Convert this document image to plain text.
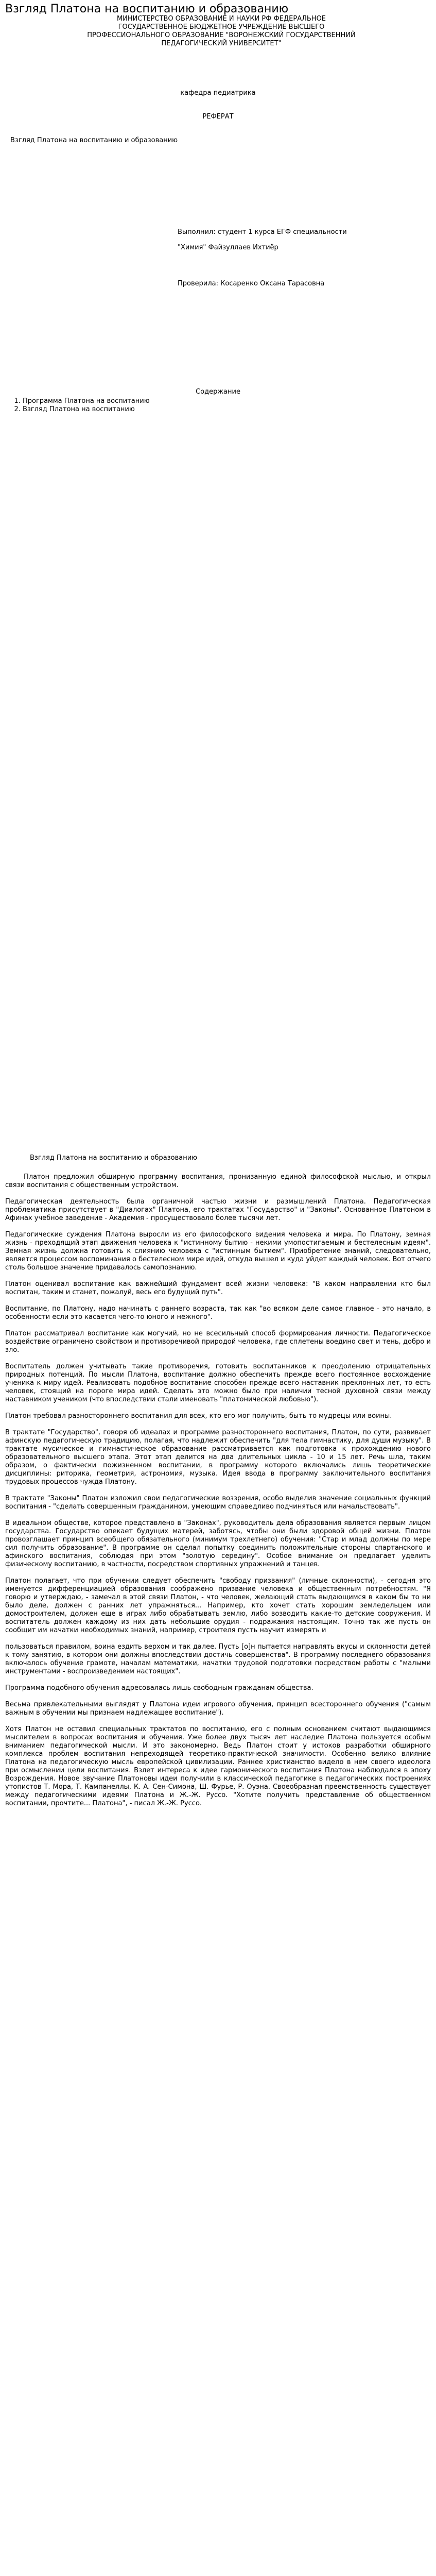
Взгляд Платона на воспитанию и образованию
МИНИСТЕРСТВО ОБРАЗОВАНИЕ И НАУКИ РФ ФЕДЕРАЛЬНОЕ
ГОСУДАРСТВЕННОЕ БЮДЖЕТНОЕ УЧРЕЖДЕНИЕ ВЫСШЕГО
ПРОФЕССИОНАЛЬНОГО ОБРАЗОВАНИЕ "ВОРОНЕЖСКИЙ ГОСУДАРСТВЕННИЙ
ПЕДАГОГИЧЕСКИЙ УНИВЕРСИТЕТ"
кафедра педиатрика
РЕФЕРАТ
Взгляд Платона на воспитанию и образованию
Выполнил: студент 1 курса ЕГФ специальности
"Химия" Файзуллаев Ихтиёр
Проверила: Косаренко Оксана Тарасовна
Содержание
1. Программа Платона на воспитанию
2. Взгляд Платона на воспитанию
Взгляд Платона на воспитанию и образованию

Платон предложил обширную программу воспитания, пронизанную единой философской мыслью, и открыл связи воспитания с общественным устройством.

Педагогическая деятельность была органичной частью жизни и размышлений Платона. Педагогическая проблематика присутствует в "Диалогах" Платона, его трактатах "Государство" и "Законы". Основанное Платоном в Афинах учебное заведение - Академия - просуществовало более тысячи лет.

Педагогические суждения Платона выросли из его философского видения человека и мира. По Платону, земная жизнь - преходящий этап движения человека к "истинному бытию - некими умопостигаемым и бестелесным идеям". Земная жизнь должна готовить к слиянию человека с "истинным бытием". Приобретение знаний, следовательно, является процессом воспоминания о бестелесном мире идей, откуда вышел и куда уйдет каждый человек. Вот отчего столь большое значение придавалось самопознанию.

Платон оценивал воспитание как важнейший фундамент всей жизни человека: "В каком направлении кто был воспитан, таким и станет, пожалуй, весь его будущий путь".

Воспитание, по Платону, надо начинать с раннего возраста, так как "во всяком деле самое главное - это начало, в особенности если это касается чего-то юного и нежного".

Платон рассматривал воспитание как могучий, но не всесильный способ формирования личности. Педагогическое воздействие ограничено свойством и противоречивой природой человека, где сплетены воедино свет и тень, добро и зло.

Воспитатель должен учитывать такие противоречия, готовить воспитанников к преодолению отрицательных природных потенций. По мысли Платона, воспитание должно обеспечить прежде всего постоянное восхождение ученика к миру идей. Реализовать подобное воспитание способен прежде всего наставник преклонных лет, то есть человек, стоящий на пороге мира идей. Сделать это можно было при наличии тесной духовной связи между наставником учеником (что впоследствии стали именовать "платонической любовью").

Платон требовал разностороннего воспитания для всех, кто его мог получить, быть то мудрецы или воины.

В трактате "Государство", говоря об идеалах и программе разностороннего воспитания, Платон, по сути, развивает афинскую педагогическую традицию, полагая, что надлежит обеспечить "для тела гимнастику, для души музыку". В трактате мусическое и гимнастическое образование рассматривается как подготовка к прохождению нового образовательного высшего этапа. Этот этап делится на два длительных цикла - 10 и 15 лет. Речь шла, таким образом, о фактически пожизненном воспитании, в программу которого включались лишь теоретические дисциплины: риторика, геометрия, астрономия, музыка. Идея ввода в программу заключительного воспитания трудовых процессов чужда Платону.

В трактате "Законы" Платон изложил свои педагогические воззрения, особо выделив значение социальных функций воспитания - "сделать совершенным гражданином, умеющим справедливо подчиняться или начальствовать".

В идеальном обществе, которое представлено в "Законах", руководитель дела образования является первым лицом государства. Государство опекает будущих матерей, заботясь, чтобы они были здоровой общей жизни. Платон провозглашает принцип всеобщего обязательного (минимум трехлетнего) обучения: "Стар и млад должны по мере сил получить образование". В программе он сделал попытку соединить положительные стороны спартанского и афинского воспитания, соблюдая при этом "золотую середину". Особое внимание он предлагает уделить физическому воспитанию, в частности, посредством спортивных упражнений и танцев.

Платон полагает, что при обучении следует обеспечить "свободу призвания" (личные склонности), - сегодня это именуется дифференциацией образования соображено призвание человека и общественным потребностям. "Я говорю и утверждаю, - замечал в этой связи Платон, - что человек, желающий стать выдающимся в каком бы то ни было деле, должен с ранних лет упражняться... Например, кто хочет стать хорошим земледельцем или домостроителем, должен еще в играх либо обрабатывать землю, либо возводить какие-то детские сооружения. И воспитатель должен каждому из них дать небольшие орудия - подражания настоящим. Точно так же пусть он сообщит им начатки необходимых знаний, например, строителя пусть научит измерять и

пользоваться правилом, воина ездить верхом и так далее. Пусть [о]н пытается направлять вкусы и склонности детей к тому занятию, в котором они должны впоследствии достичь совершенства". В программу последнего образования включалось обучение грамоте, началам математики, начатки трудовой подготовки посредством работы с "малыми инструментами - воспроизведением настоящих".

Программа подобного обучения адресовалась лишь свободным гражданам общества.

Весьма привлекательными выглядят у Платона идеи игрового обучения, принцип всестороннего обучения ("самым важным в обучении мы признаем надлежащее воспитание").

Хотя Платон не оставил специальных трактатов по воспитанию, его с полным основанием считают выдающимся мыслителем в вопросах воспитания и обучения. Уже более двух тысяч лет наследие Платона пользуется особым вниманием педагогической мысли. И это закономерно. Ведь Платон стоит у истоков разработки обширного комплекса проблем воспитания непреходящей теоретико-практической значимости. Особенно велико влияние Платона на педагогическую мысль европейской цивилизации. Раннее христианство видело в нем своего идеолога при осмыслении цели воспитания. Взлет интереса к идее гармонического воспитания Платона наблюдался в эпоху Возрождения. Новое звучание Платоновы идеи получили в классической педагогике в педагогических построениях утопистов Т. Мора, Т. Кампанеллы, К. А. Сен-Симона, Ш. Фурье, Р. Оуэна. Своеобразная преемственность существует между педагогическими идеями Платона и Ж.-Ж. Руссо. "Хотите получить представление об общественном воспитании, прочтите... Платона", - писал Ж.-Ж. Руссо.
